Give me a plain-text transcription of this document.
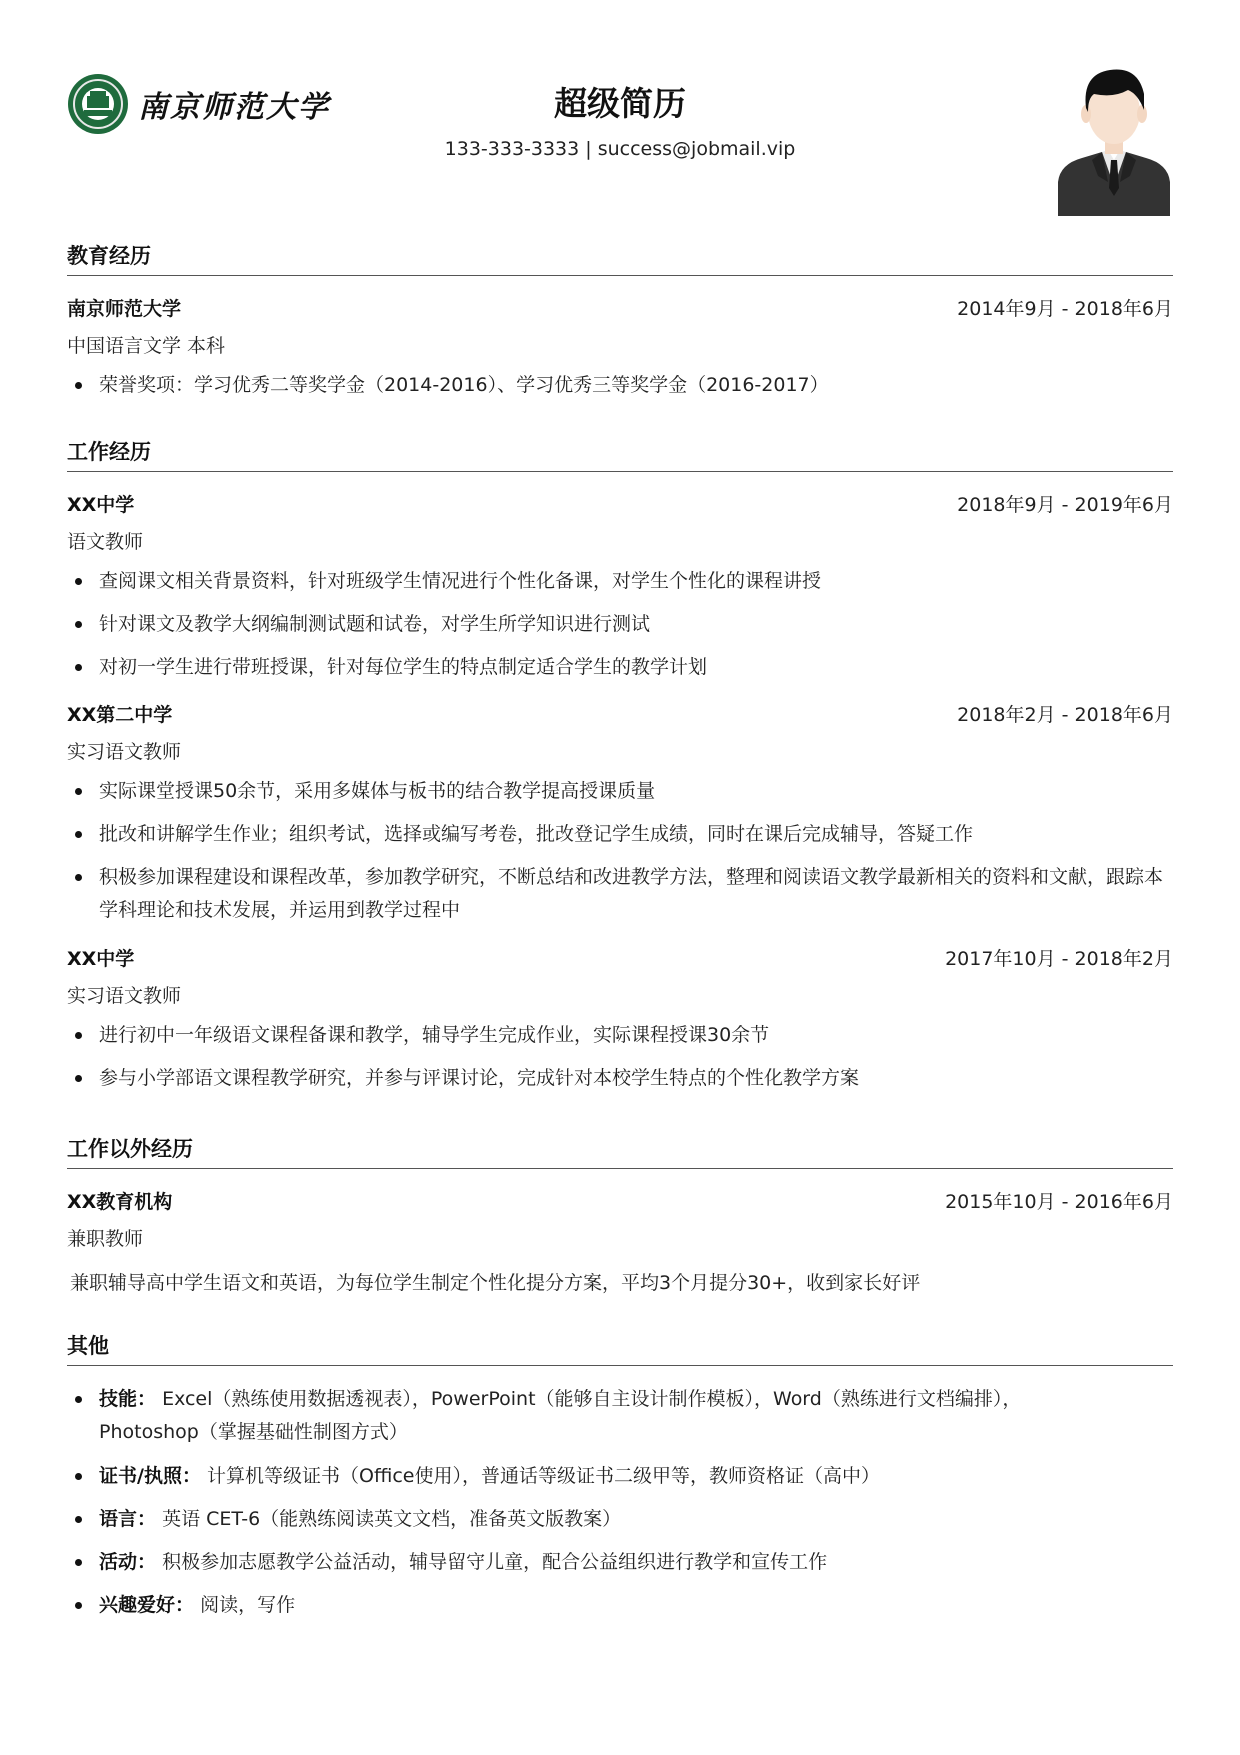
南京师范大学	超级简历
133-333-3333 | success@jobmail.vip
教育经历
南京师范大学	2014年9月 - 2018年6月
中国语言文学 本科
荣誉奖项：学习优秀二等奖学金（2014-2016）、学习优秀三等奖学金（2016-2017）
工作经历
XX中学	2018年9月 - 2019年6月
语文教师
查阅课文相关背景资料，针对班级学生情况进行个性化备课，对学生个性化的课程讲授
针对课文及教学大纲编制测试题和试卷，对学生所学知识进行测试
对初一学生进行带班授课，针对每位学生的特点制定适合学生的教学计划
XX第二中学	2018年2月 - 2018年6月
实习语文教师
实际课堂授课50余节，采用多媒体与板书的结合教学提高授课质量
批改和讲解学生作业；组织考试，选择或编写考卷，批改登记学生成绩，同时在课后完成辅导，答疑工作
积极参加课程建设和课程改革，参加教学研究，不断总结和改进教学方法，整理和阅读语文教学最新相关的资料和文献，跟踪本学科理论和技术发展，并运用到教学过程中
XX中学	2017年10月 - 2018年2月
实习语文教师
进行初中一年级语文课程备课和教学，辅导学生完成作业，实际课程授课30余节
参与小学部语文课程教学研究，并参与评课讨论，完成针对本校学生特点的个性化教学方案
工作以外经历
XX教育机构	2015年10月 - 2016年6月
兼职教师
兼职辅导高中学生语文和英语，为每位学生制定个性化提分方案，平均3个月提分30+，收到家长好评
其他
技能： Excel（熟练使用数据透视表），PowerPoint（能够自主设计制作模板），Word（熟练进行文档编排），Photoshop（掌握基础性制图方式）
证书/执照： 计算机等级证书（Office使用），普通话等级证书二级甲等，教师资格证（高中）
语言： 英语 CET-6（能熟练阅读英文文档，准备英文版教案）
活动： 积极参加志愿教学公益活动，辅导留守儿童，配合公益组织进行教学和宣传工作
兴趣爱好： 阅读，写作
